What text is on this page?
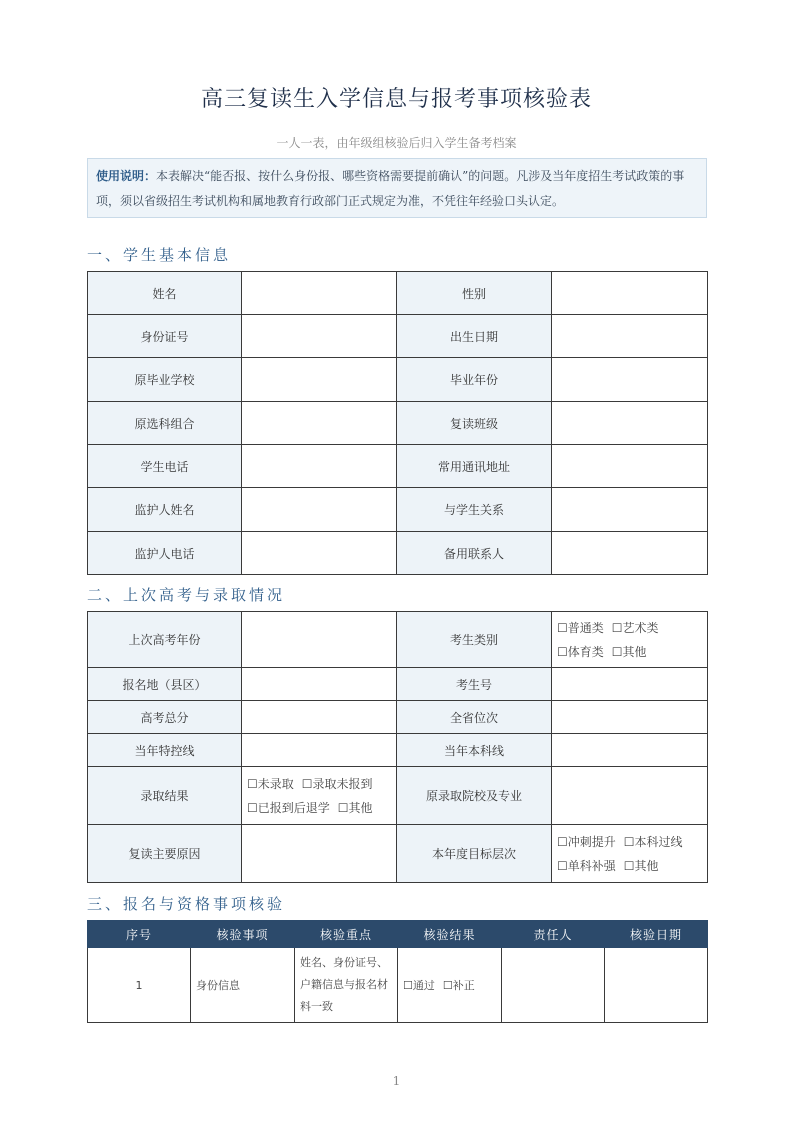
高三复读生入学信息与报考事项核验表
一人一表，由年级组核验后归入学生备考档案
使用说明：本表解决“能否报、按什么身份报、哪些资格需要提前确认”的问题。凡涉及当年度招生考试政策的事项，须以省级招生考试机构和属地教育行政部门正式规定为准，不凭往年经验口头认定。
一、学生基本信息
姓名		性别	
身份证号		出生日期	
原毕业学校		毕业年份	
原选科组合		复读班级	
学生电话		常用通讯地址	
监护人姓名		与学生关系	
监护人电话		备用联系人	
二、上次高考与录取情况
上次高考年份		考生类别	☐普通类 ☐艺术类☐体育类 ☐其他
报名地（县区）		考生号	
高考总分		全省位次	
当年特控线		当年本科线	
录取结果	☐未录取 ☐录取未报到☐已报到后退学 ☐其他	原录取院校及专业	
复读主要原因		本年度目标层次	☐冲刺提升 ☐本科过线☐单科补强 ☐其他
三、报名与资格事项核验
序号	核验事项	核验重点	核验结果	责任人	核验日期
1	身份信息	姓名、身份证号、户籍信息与报名材料一致	☐通过 ☐补正		
1
